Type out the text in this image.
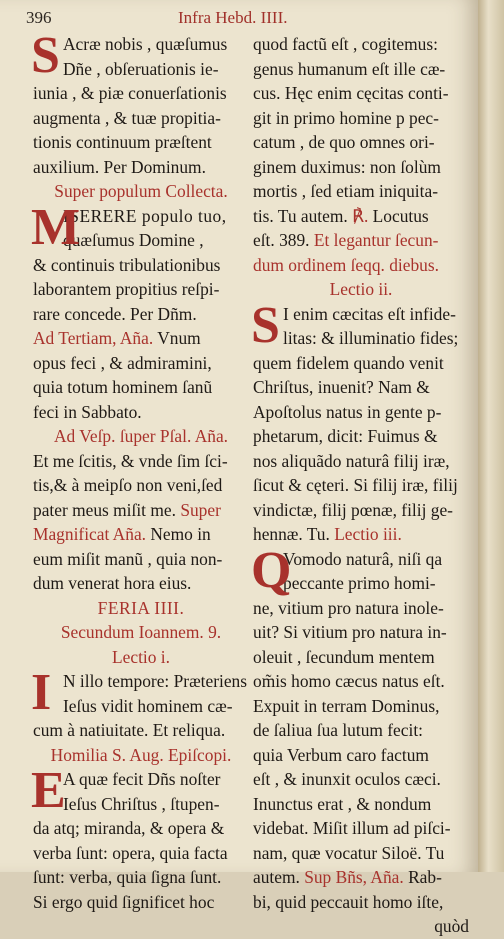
396	Infra Hebd. IIII.
S Acræ nobis , quæſumus
Dñe , obſeruationis ie-
iunia , & piæ conuerſationis
augmenta , & tuæ propitia-
tionis continuum præſtent
auxilium. Per Dominum.
Super populum Collecta.
M
ISERERE populo tuo,
quæſumus Domine ,
& continuis tribulationibus
laborantem propitius reſpi-
rare concede. Per Dñm.
Ad Tertiam, Aña. Vnum
opus feci , & admiramini,
quia totum hominem ſanũ
feci in Sabbato.
Ad Veſp. ſuper Pſal. Aña.
Et me ſcitis, & vnde ſim ſci-
tis,& à meipſo non veni,ſed
pater meus miſit me. Super
Magnificat Aña. Nemo in
eum miſit manũ , quia non-
dum venerat hora eius.
FERIA IIII.
Secundum Ioannem. 9.
Lectio i.
I N illo tempore: Præteriens
Ieſus vidit hominem cæ-
cum à natiuitate. Et reliqua.
Homilia S. Aug. Epiſcopi.
E
A quæ fecit Dñs noſter
Ieſus Chriſtus , ſtupen-
da atq; miranda, & opera &
verba ſunt: opera, quia facta
ſunt: verba, quia ſigna ſunt.
Si ergo quid ſignificet hoc
quod factũ eſt , cogitemus:
genus humanum eſt ille cæ-
cus. Hęc enim cęcitas conti-
git in primo homine p pec-
catum , de quo omnes ori-
ginem duximus: non ſolùm
mortis , ſed etiam iniquita-
tis. Tu autem. ℟. Locutus
eſt. 389. Et legantur ſecun-
dum ordinem ſeqq. diebus.
Lectio ii.
S I enim cæcitas eſt infide-
litas: & illuminatio fides;
quem fidelem quando venit
Chriſtus, inuenit? Nam &
Apoſtolus natus in gente p-
phetarum, dicit: Fuimus &
nos aliquãdo naturâ filij iræ,
ſicut & cęteri. Si filij iræ, filij
vindictæ, filij pœnæ, filij ge-
hennæ. Tu. Lectio iii.
Q
Vomodo naturâ, niſi qa
peccante primo homi-
ne, vitium pro natura inole-
uit? Si vitium pro natura in-
oleuit , ſecundum mentem
om̃is homo cæcus natus eſt.
Expuit in terram Dominus,
de ſaliua ſua lutum fecit:
quia Verbum caro factum
eſt , & inunxit oculos cæci.
Inunctus erat , & nondum
videbat. Miſit illum ad piſci-
nam, quæ vocatur Siloë. Tu
autem. Sup Bñs, Aña. Rab-
bi, quid peccauit homo iſte,
quòd
